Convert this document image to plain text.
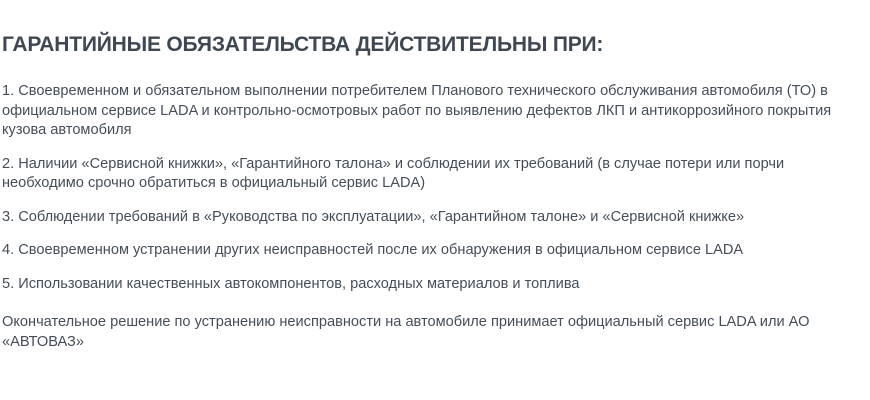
ГАРАНТИЙНЫЕ ОБЯЗАТЕЛЬСТВА ДЕЙСТВИТЕЛЬНЫ ПРИ:
1. Своевременном и обязательном выполнении потребителем Планового технического обслуживания автомобиля (ТО) в официальном сервисе LADA и контрольно-осмотровых работ по выявлению дефектов ЛКП и антикоррозийного покрытия кузова автомобиля
2. Наличии «Сервисной книжки», «Гарантийного талона» и соблюдении их требований (в случае потери или порчи необходимо срочно обратиться в официальный сервис LADA)
3. Соблюдении требований в «Руководства по эксплуатации», «Гарантийном талоне» и «Сервисной книжке»
4. Своевременном устранении других неисправностей после их обнаружения в официальном сервисе LADA
5. Использовании качественных автокомпонентов, расходных материалов и топлива

Окончательное решение по устранению неисправности на автомобиле принимает официальный сервис LADA или АО «АВТОВАЗ»
